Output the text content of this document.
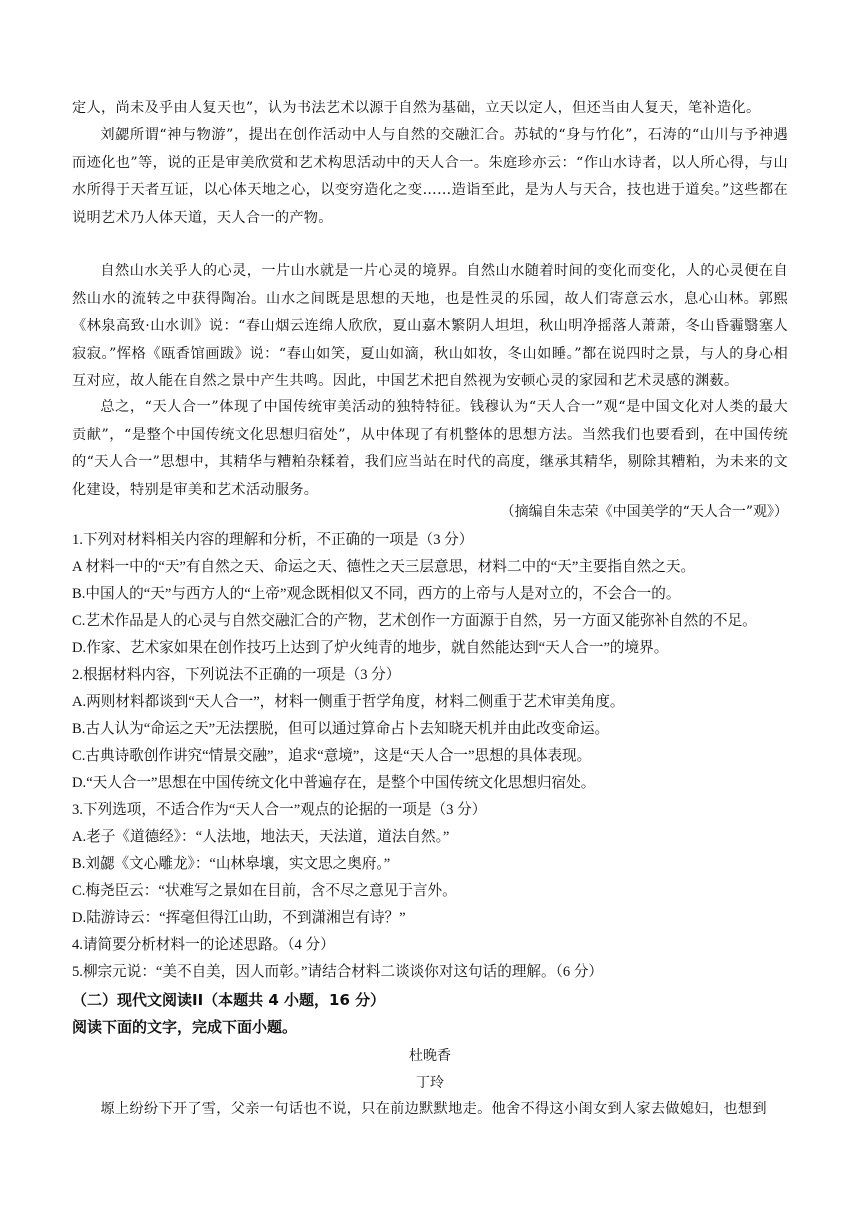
定人，尚未及乎由人复天也”，认为书法艺术以源于自然为基础，立天以定人，但还当由人复天，笔补造化。

刘勰所谓“神与物游”，提出在创作活动中人与自然的交融汇合。苏轼的“身与竹化”，石涛的“山川与予神遇而迹化也”等，说的正是审美欣赏和艺术构思活动中的天人合一。朱庭珍亦云：“作山水诗者，以人所心得，与山水所得于天者互证，以心体天地之心，以变穷造化之变……造诣至此，是为人与天合，技也进于道矣。”这些都在说明艺术乃人体天道，天人合一的产物。

自然山水关乎人的心灵，一片山水就是一片心灵的境界。自然山水随着时间的变化而变化，人的心灵便在自然山水的流转之中获得陶冶。山水之间既是思想的天地，也是性灵的乐园，故人们寄意云水，息心山林。郭熙《林泉高致·山水训》说：“春山烟云连绵人欣欣，夏山嘉木繁阴人坦坦，秋山明净摇落人萧萧，冬山昏霾翳塞人寂寂。”恽格《瓯香馆画跋》说：“春山如笑，夏山如滴，秋山如妆，冬山如睡。”都在说四时之景，与人的身心相互对应，故人能在自然之景中产生共鸣。因此，中国艺术把自然视为安顿心灵的家园和艺术灵感的渊薮。

总之，“天人合一”体现了中国传统审美活动的独特特征。钱穆认为“天人合一”观“是中国文化对人类的最大贡献”，“是整个中国传统文化思想归宿处”，从中体现了有机整体的思想方法。当然我们也要看到，在中国传统的“天人合一”思想中，其精华与糟粕杂糅着，我们应当站在时代的高度，继承其精华，剔除其糟粕，为未来的文化建设，特别是审美和艺术活动服务。

（摘编自朱志荣《中国美学的“天人合一”观》）

1.下列对材料相关内容的理解和分析，不正确的一项是（3 分）

A 材料一中的“天”有自然之天、命运之天、德性之天三层意思，材料二中的“天”主要指自然之天。

B.中国人的“天”与西方人的“上帝”观念既相似又不同，西方的上帝与人是对立的，不会合一的。

C.艺术作品是人的心灵与自然交融汇合的产物，艺术创作一方面源于自然，另一方面又能弥补自然的不足。

D.作家、艺术家如果在创作技巧上达到了炉火纯青的地步，就自然能达到“天人合一”的境界。

2.根据材料内容，下列说法不正确的一项是（3 分）

A.两则材料都谈到“天人合一”，材料一侧重于哲学角度，材料二侧重于艺术审美角度。

B.古人认为“命运之天”无法摆脱，但可以通过算命占卜去知晓天机并由此改变命运。

C.古典诗歌创作讲究“情景交融”，追求“意境”，这是“天人合一”思想的具体表现。

D.“天人合一”思想在中国传统文化中普遍存在，是整个中国传统文化思想归宿处。

3.下列选项，不适合作为“天人合一”观点的论据的一项是（3 分）

A.老子《道德经》：“人法地，地法天，天法道，道法自然。”

B.刘勰《文心雕龙》：“山林皋壤，实文思之奥府。”

C.梅尧臣云：“状难写之景如在目前，含不尽之意见于言外。

D.陆游诗云：“挥毫但得江山助，不到潇湘岂有诗？”

4.请简要分析材料一的论述思路。（4 分）

5.柳宗元说：“美不自美，因人而彰。”请结合材料二谈谈你对这句话的理解。（6 分）

（二）现代文阅读II（本题共 4 小题，16 分）

阅读下面的文字，完成下面小题。

杜晚香

丁玲

塬上纷纷下开了雪，父亲一句话也不说，只在前边默默地走。他舍不得这小闺女到人家去做媳妇，也想到
